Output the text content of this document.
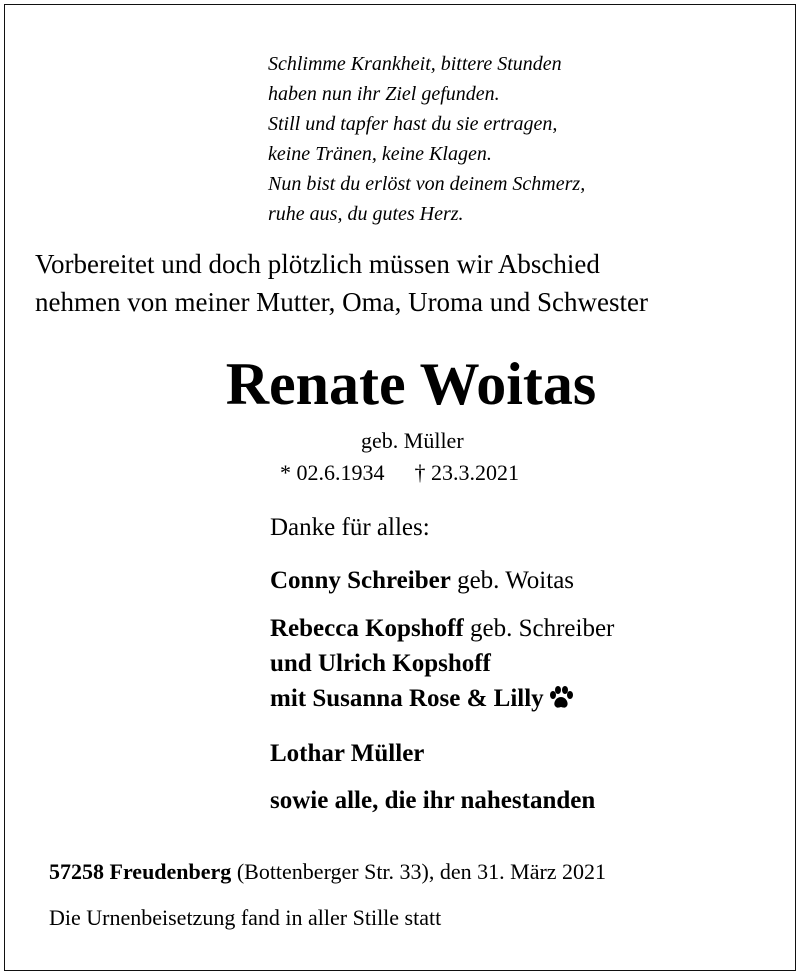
Schlimme Krankheit, bittere Stunden
haben nun ihr Ziel gefunden.
Still und tapfer hast du sie ertragen,
keine Tränen, keine Klagen.
Nun bist du erlöst von deinem Schmerz,
ruhe aus, du gutes Herz.
Vorbereitet und doch plötzlich müssen wir Abschied
nehmen von meiner Mutter, Oma, Uroma und Schwester
Renate Woitas
geb. Müller
* 02.6.1934 † 23.3.2021
Danke für alles:
Conny Schreiber geb. Woitas
Rebecca Kopshoff geb. Schreiber
und Ulrich Kopshoff
mit Susanna Rose & Lilly
Lothar Müller
sowie alle, die ihr nahestanden
57258 Freudenberg (Bottenberger Str. 33), den 31. März 2021
Die Urnenbeisetzung fand in aller Stille statt
